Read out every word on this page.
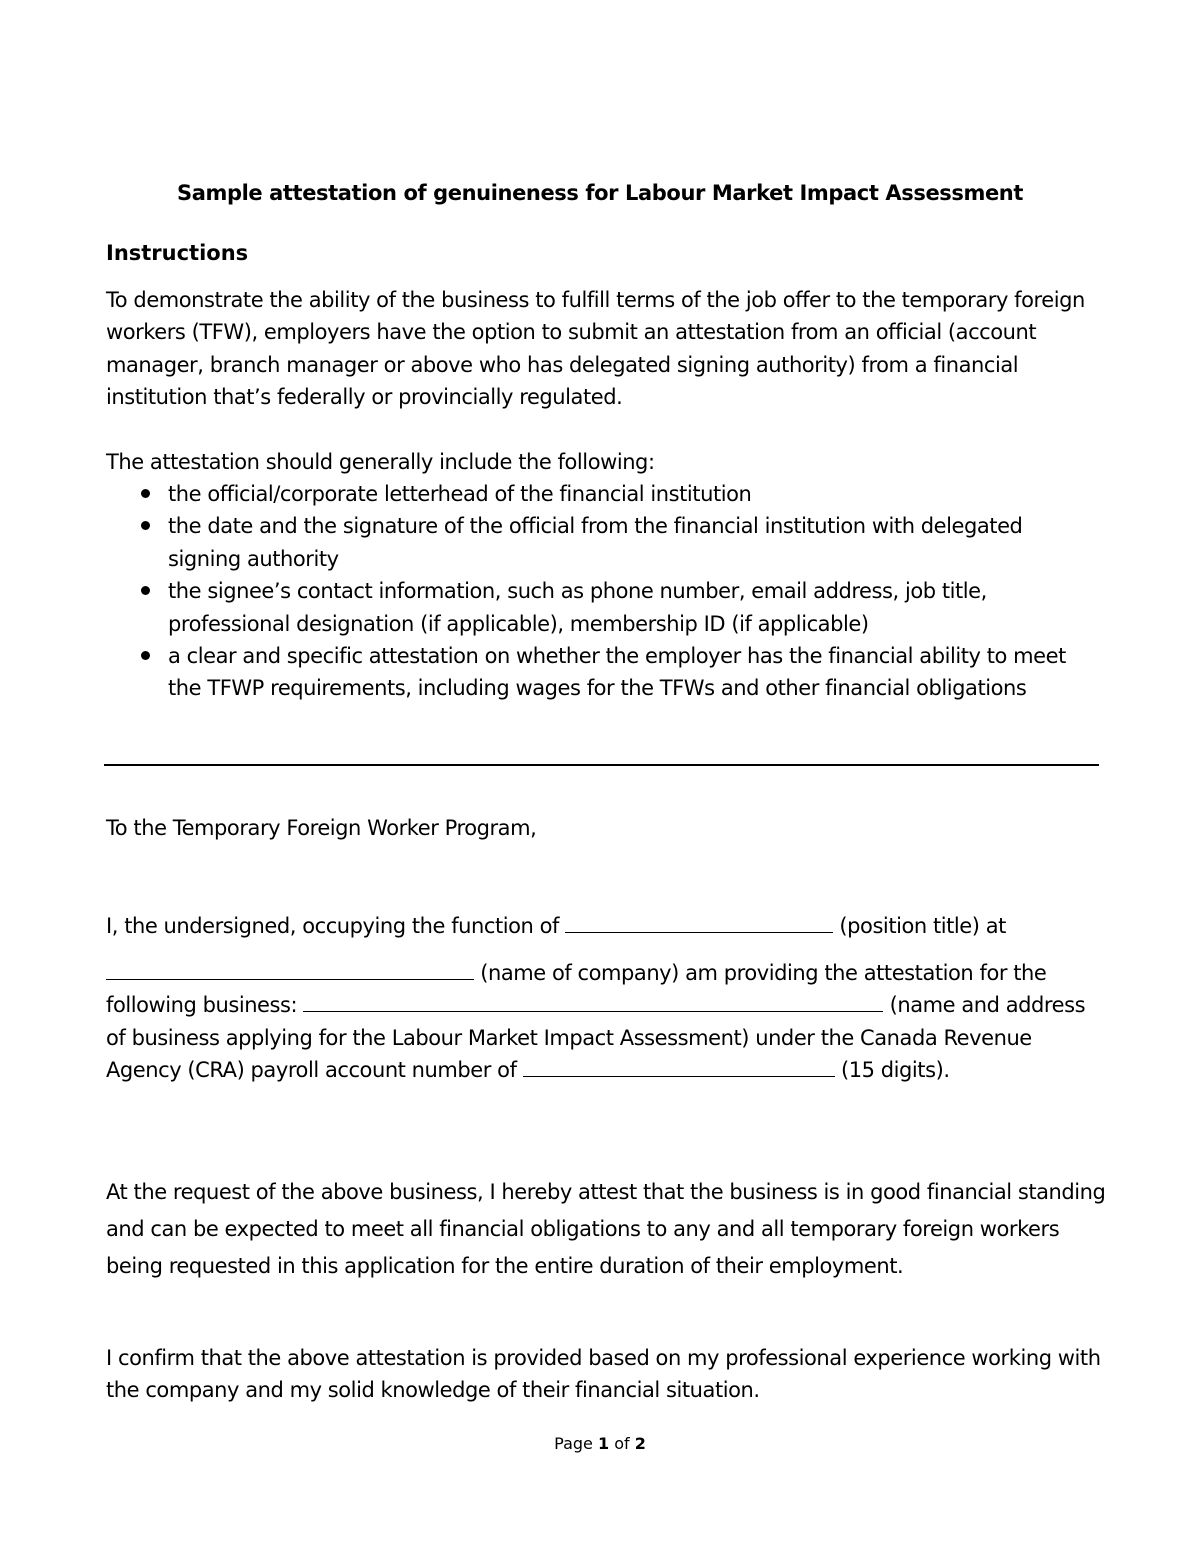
Sample attestation of genuineness for Labour Market Impact Assessment
Instructions

To demonstrate the ability of the business to fulfill terms of the job offer to the temporary foreign workers (TFW), employers have the option to submit an attestation from an official (account manager, branch manager or above who has delegated signing authority) from a financial institution that’s federally or provincially regulated.

The attestation should generally include the following:

the official/corporate letterhead of the financial institution
the date and the signature of the official from the financial institution with delegated signing authority
the signee’s contact information, such as phone number, email address, job title, professional designation (if applicable), membership ID (if applicable)
a clear and specific attestation on whether the employer has the financial ability to meet the TFWP requirements, including wages for the TFWs and other financial obligations

To the Temporary Foreign Worker Program,

I, the undersigned, occupying the function of	(position title) at

(name of company) am providing the attestation for the following business:	(name and address of business applying for the Labour Market Impact Assessment) under the Canada Revenue Agency (CRA) payroll account number of	(15 digits).

At the request of the above business, I hereby attest that the business is in good financial standing and can be expected to meet all financial obligations to any and all temporary foreign workers being requested in this application for the entire duration of their employment.

I confirm that the above attestation is provided based on my professional experience working with the company and my solid knowledge of their financial situation.

Page 1 of 2
